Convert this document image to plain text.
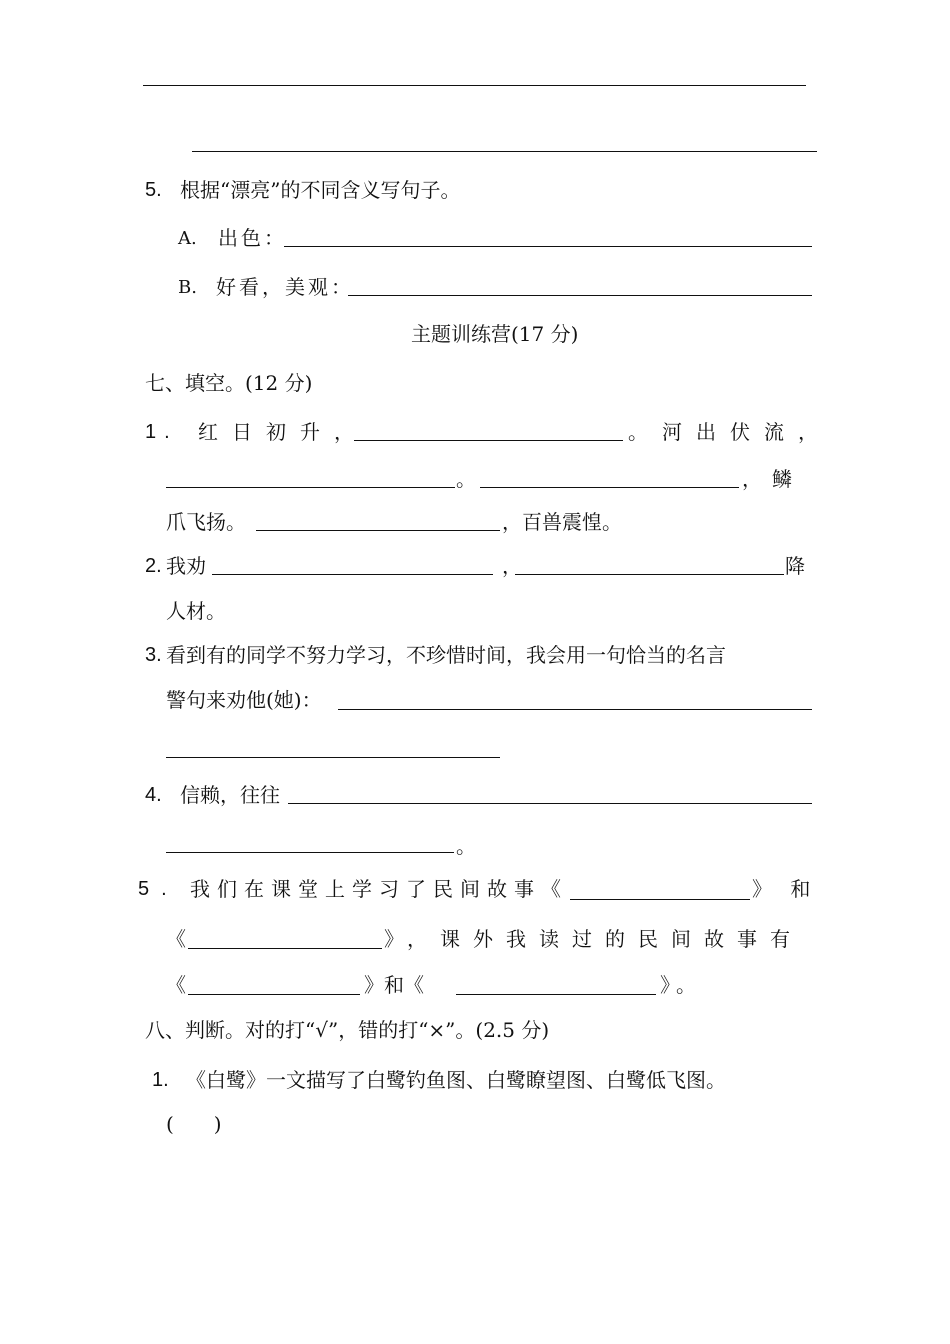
5. 根据“漂亮”的不同含义写句子。
A. 出色：
B. 好看，美观：
主题训练营(17 分)
七、填空。(12 分)
1. 红日初升，	。河出伏流，
。	，鳞
爪飞扬。	，百兽震惶。
2. 我劝	，	降
人材。
3. 看到有的同学不努力学习，不珍惜时间，我会用一句恰当的名言
警句来劝他(她)：
4. 信赖，往往
。
5. 我们在课堂上学习了民间故事《	》 和
《	》，课外我读过的民间故事有
《	》和《	》。
八、判断。对的打“√”，错的打“×”。(2.5 分)
1. 《白鹭》一文描写了白鹭钓鱼图、白鹭瞭望图、白鹭低飞图。
(　　)
